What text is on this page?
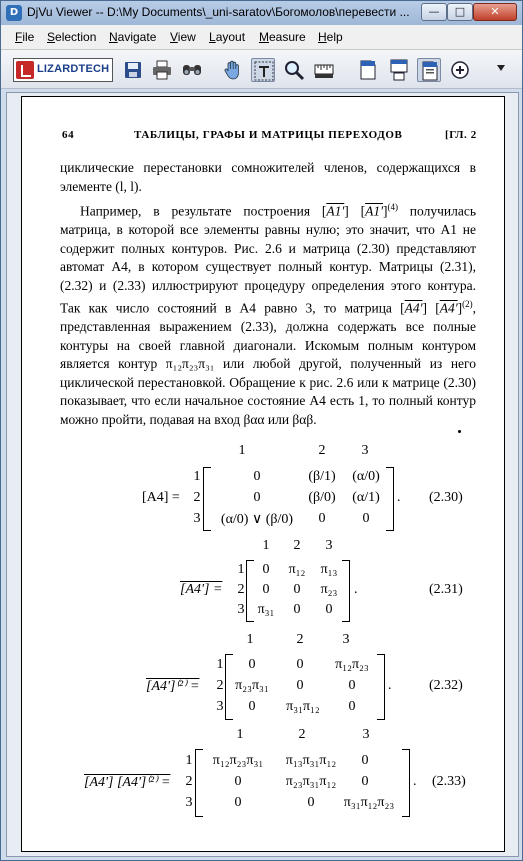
D DjVu Viewer -- D:\My Documents\_uni-saratov\Богомолов\перевести ...	—	□	✕
File Selection Navigate View Layout Measure Help
LIZARDTECH
64	ТАБЛИЦЫ, ГРАФЫ И МАТРИЦЫ ПЕРЕХОДОВ	[ГЛ. 2
циклические перестановки сомножителей членов, содержащихся в элементе (l, l).
Например, в результате построения [A1'] $[A1']^{(4)}$ получилась матрица, в которой все элементы равны нулю; это значит, что A1 не содержит полных контуров. Рис. 2.6 и матрица (2.30) представляют автомат A4, в котором существует полный контур. Матрицы (2.31), (2.32) и (2.33) иллюстрируют процедуру определения этого контура. Так как число состояний в A4 равно 3, то матрица [A4'] $[A4']^{(2)}$, представленная выражением (2.33), должна содержать все полные контуры на своей главной диагонали. Искомым полным контуром является контур π₁₂π₂₃π₃₁ или любой другой, полученный из него циклической перестановкой. Обращение к рис. 2.6 или к матрице (2.30) показывает, что если начальное состояние A4 есть 1, то полный контур можно пройти, подавая на вход βαα или βαβ.
1	2	3
[A4] =
1
2
3
0	(β/1)	(α/0)
0	(β/0)	(α/1)
(α/0) ∨ (β/0)	0	0
. (2.30)
1	2	3
[A4'] =
1
2
3
0	π₁₂	π₁₃
0	0	π₂₃
π₃₁	0	0
.	(2.31)
1	2	3
[A4']⁽²⁾ =
1
2
3
0	0	π₁₂π₂₃
π₂₃π₃₁	0	0
0	π₃₁π₁₂	0
.	(2.32)
1	2	3
[A4'] [A4']⁽²⁾ =
1
2
3
π₁₂π₂₃π₃₁	π₁₃π₃₁π₁₂	0
0	π₂₃π₃₁π₁₂	0
0	0	π₃₁π₁₂π₂₃
. (2.33)
